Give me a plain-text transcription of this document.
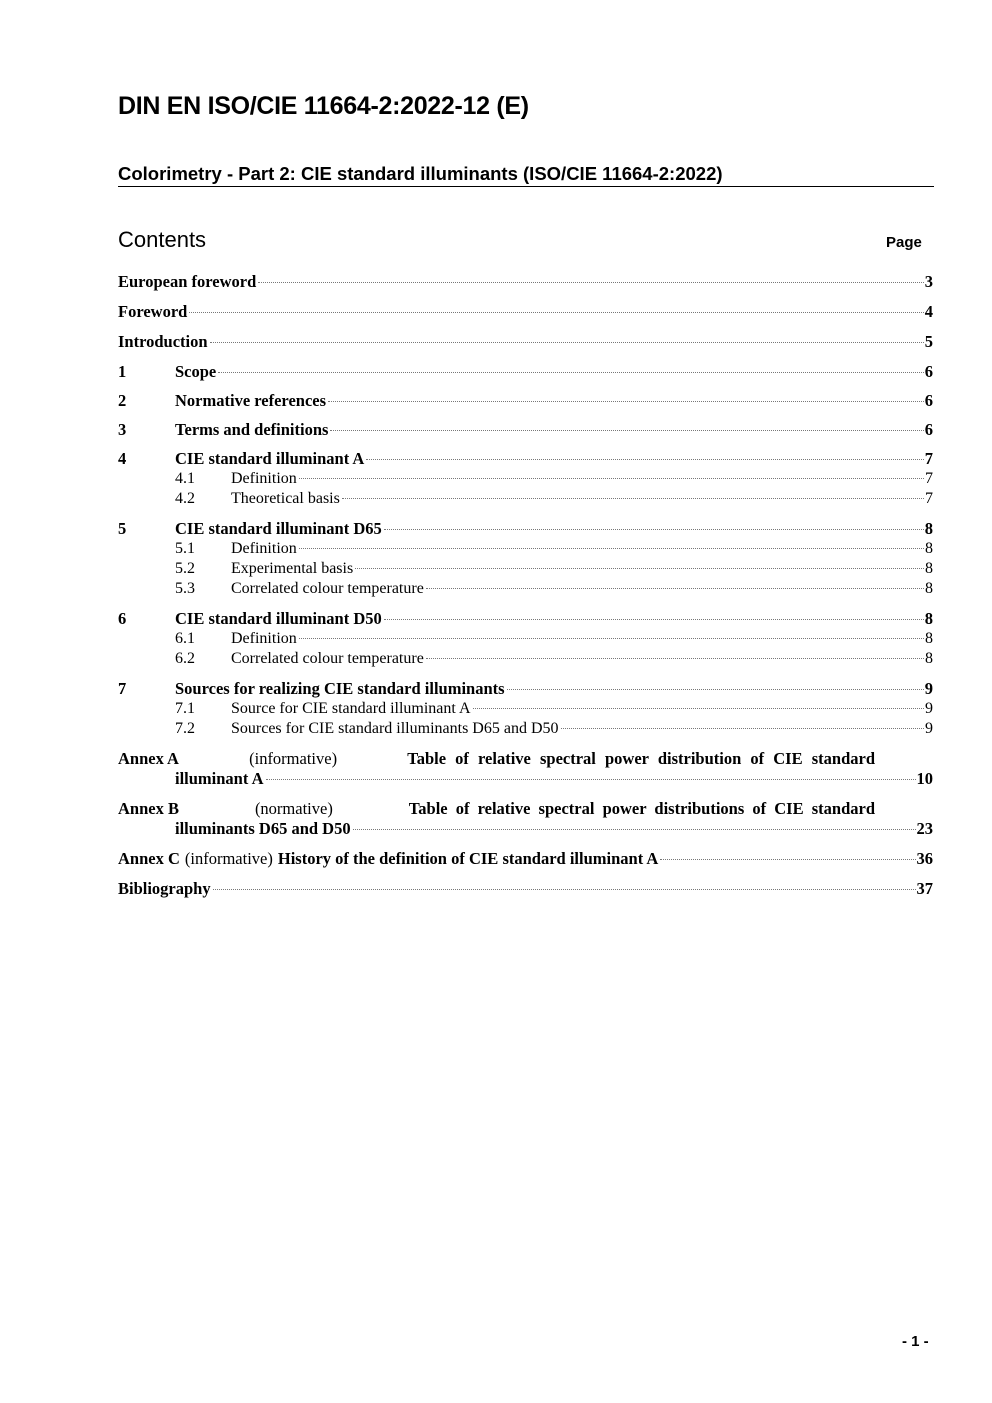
DIN EN ISO/CIE 11664-2:2022-12 (E)
Colorimetry - Part 2: CIE standard illuminants (ISO/CIE 11664-2:2022)
Contents	Page
European foreword	3
Foreword	4
Introduction	5
1	Scope	6
2	Normative references	6
3	Terms and definitions	6
4	CIE standard illuminant A	7
4.1	Definition	7
4.2	Theoretical basis	7
5	CIE standard illuminant D65	8
5.1	Definition	8
5.2	Experimental basis	8
5.3	Correlated colour temperature	8
6	CIE standard illuminant D50	8
6.1	Definition	8
6.2	Correlated colour temperature	8
7	Sources for realizing CIE standard illuminants	9
7.1	Source for CIE standard illuminant A	9
7.2	Sources for CIE standard illuminants D65 and D50	9
Annex A	(informative)	Table of relative spectral power distribution of CIE standard
illuminant A	10
Annex B	(normative)	Table of relative spectral power distributions of CIE standard
illuminants D65 and D50	23
Annex C (informative) History of the definition of CIE standard illuminant A	36
Bibliography	37
- 1 -
